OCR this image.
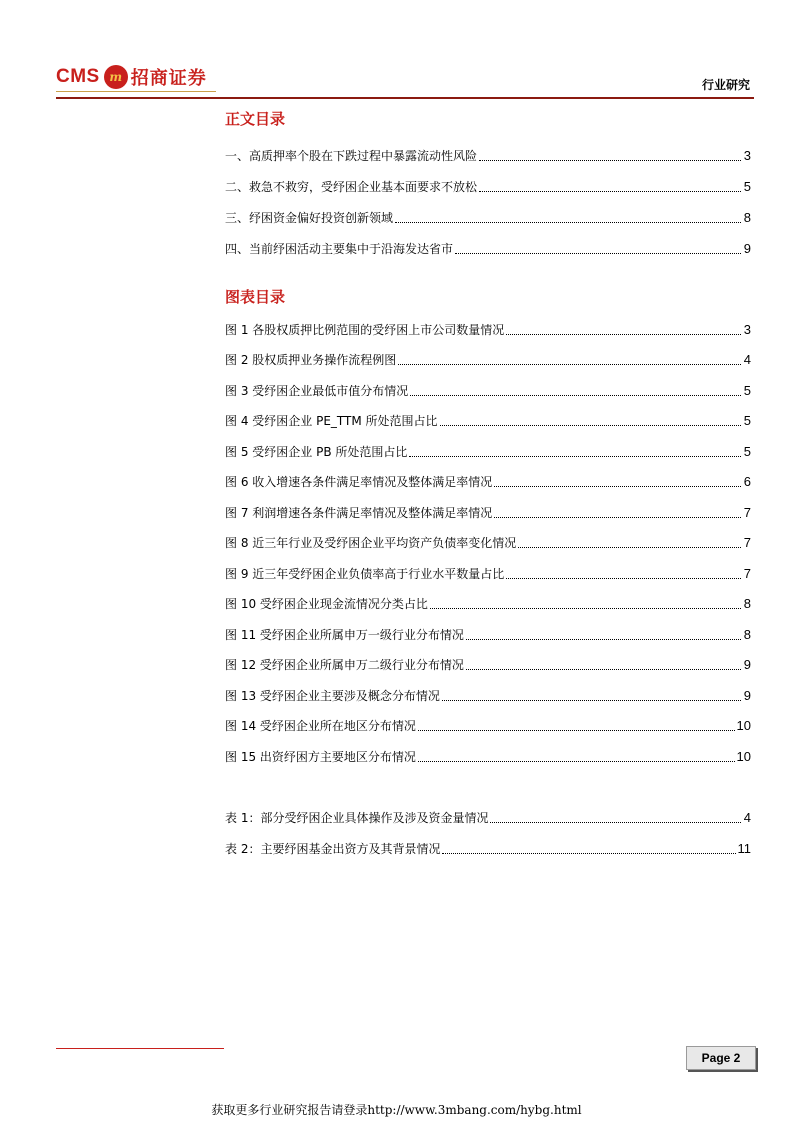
CMS m 招商证券	行业研究
正文目录
一、高质押率个股在下跌过程中暴露流动性风险	3
二、救急不救穷，受纾困企业基本面要求不放松	5
三、纾困资金偏好投资创新领域	8
四、当前纾困活动主要集中于沿海发达省市	9
图表目录
图 1 各股权质押比例范围的受纾困上市公司数量情况	3
图 2 股权质押业务操作流程例图	4
图 3 受纾困企业最低市值分布情况	5
图 4 受纾困企业 PE_TTM 所处范围占比	5
图 5 受纾困企业 PB 所处范围占比	5
图 6 收入增速各条件满足率情况及整体满足率情况	6
图 7 利润增速各条件满足率情况及整体满足率情况	7
图 8 近三年行业及受纾困企业平均资产负债率变化情况	7
图 9 近三年受纾困企业负债率高于行业水平数量占比	7
图 10 受纾困企业现金流情况分类占比	8
图 11 受纾困企业所属申万一级行业分布情况	8
图 12 受纾困企业所属申万二级行业分布情况	9
图 13 受纾困企业主要涉及概念分布情况	9
图 14 受纾困企业所在地区分布情况	10
图 15 出资纾困方主要地区分布情况	10
表 1：部分受纾困企业具体操作及涉及资金量情况	4
表 2：主要纾困基金出资方及其背景情况	11
Page 2
获取更多行业研究报告请登录http://www.3mbang.com/hybg.html
